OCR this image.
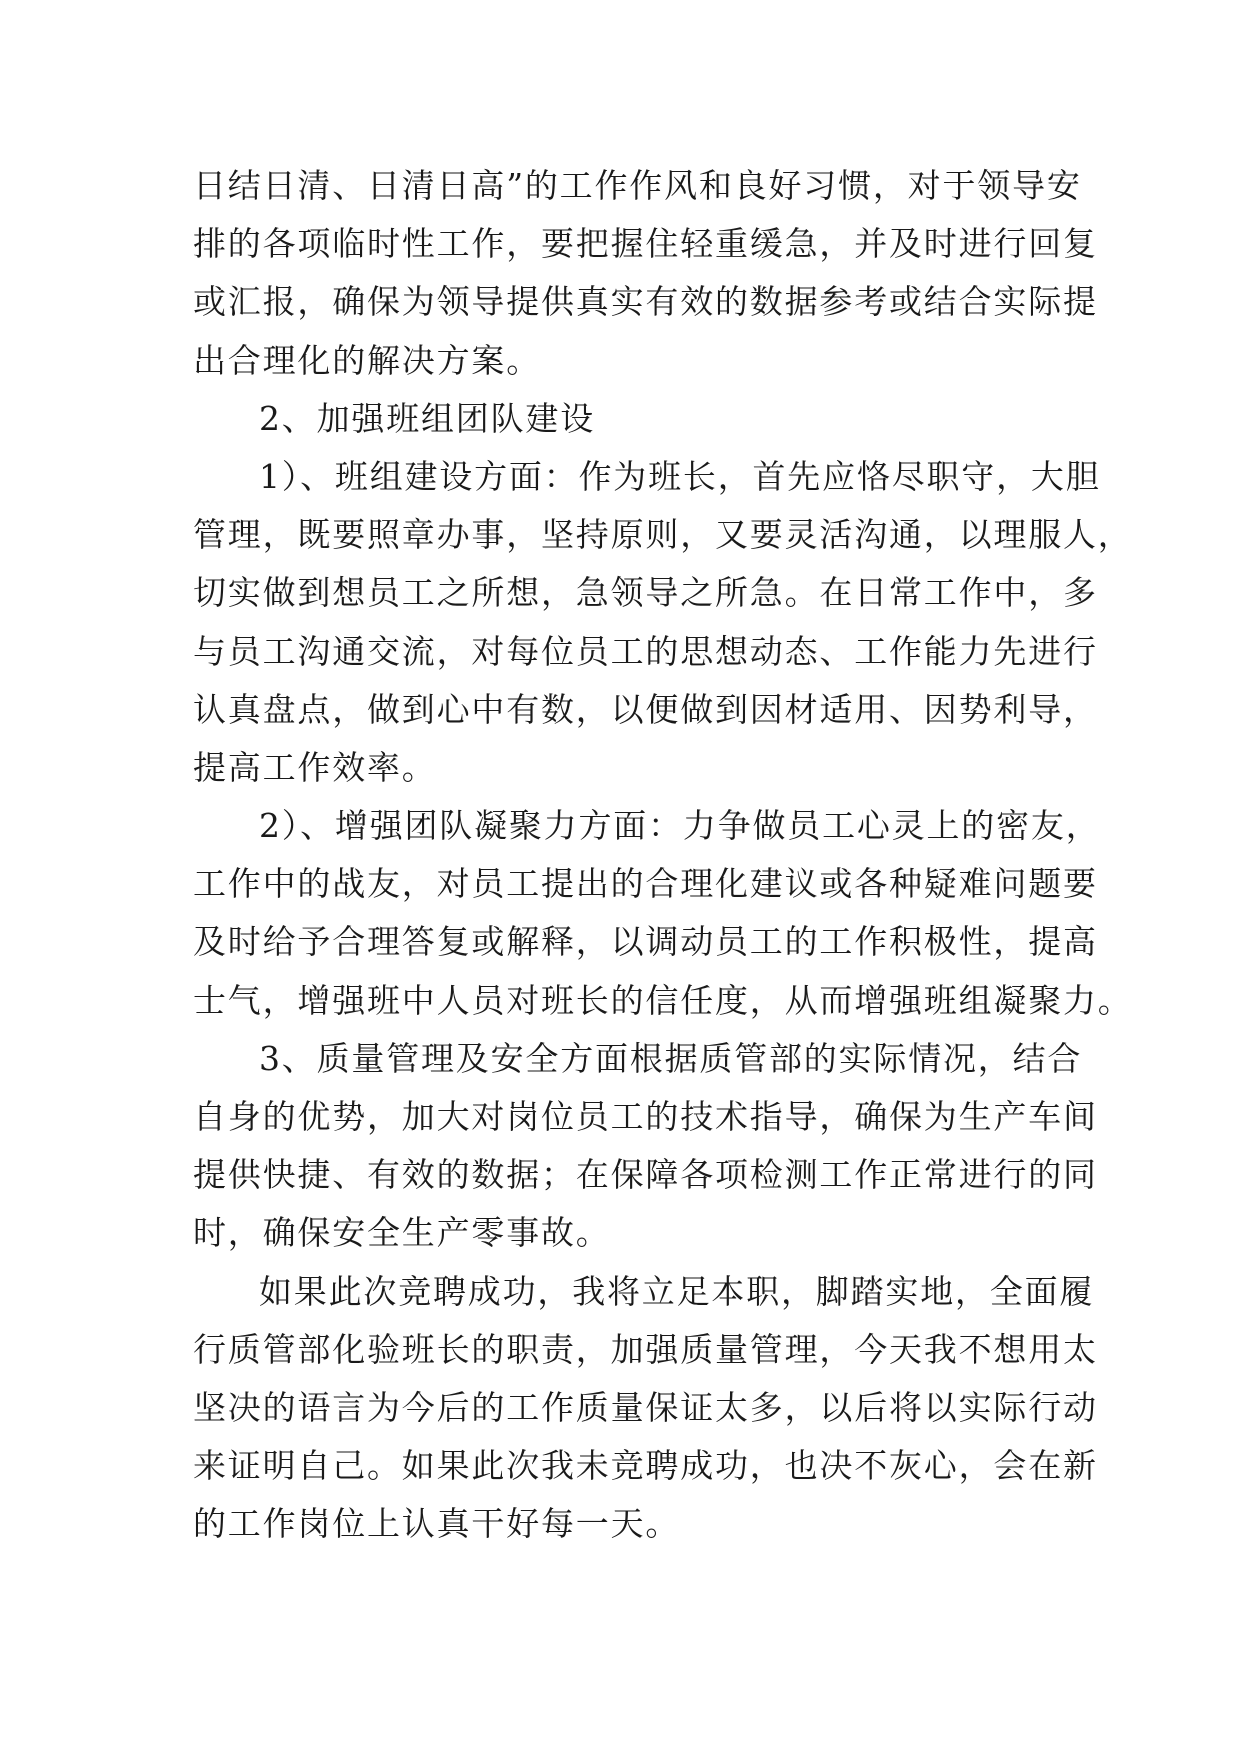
日结日清、日清日高”的工作作风和良好习惯，对于领导安
排的各项临时性工作，要把握住轻重缓急，并及时进行回复
或汇报，确保为领导提供真实有效的数据参考或结合实际提
出合理化的解决方案。
2、加强班组团队建设
1）、班组建设方面：作为班长，首先应恪尽职守，大胆
管理，既要照章办事，坚持原则，又要灵活沟通，以理服人，
切实做到想员工之所想，急领导之所急。在日常工作中，多
与员工沟通交流，对每位员工的思想动态、工作能力先进行
认真盘点，做到心中有数，以便做到因材适用、因势利导，
提高工作效率。
2）、增强团队凝聚力方面：力争做员工心灵上的密友，
工作中的战友，对员工提出的合理化建议或各种疑难问题要
及时给予合理答复或解释，以调动员工的工作积极性，提高
士气，增强班中人员对班长的信任度，从而增强班组凝聚力。
3、质量管理及安全方面根据质管部的实际情况，结合
自身的优势，加大对岗位员工的技术指导，确保为生产车间
提供快捷、有效的数据；在保障各项检测工作正常进行的同
时，确保安全生产零事故。
如果此次竞聘成功，我将立足本职，脚踏实地，全面履
行质管部化验班长的职责，加强质量管理，今天我不想用太
坚决的语言为今后的工作质量保证太多，以后将以实际行动
来证明自己。如果此次我未竞聘成功，也决不灰心，会在新
的工作岗位上认真干好每一天。
